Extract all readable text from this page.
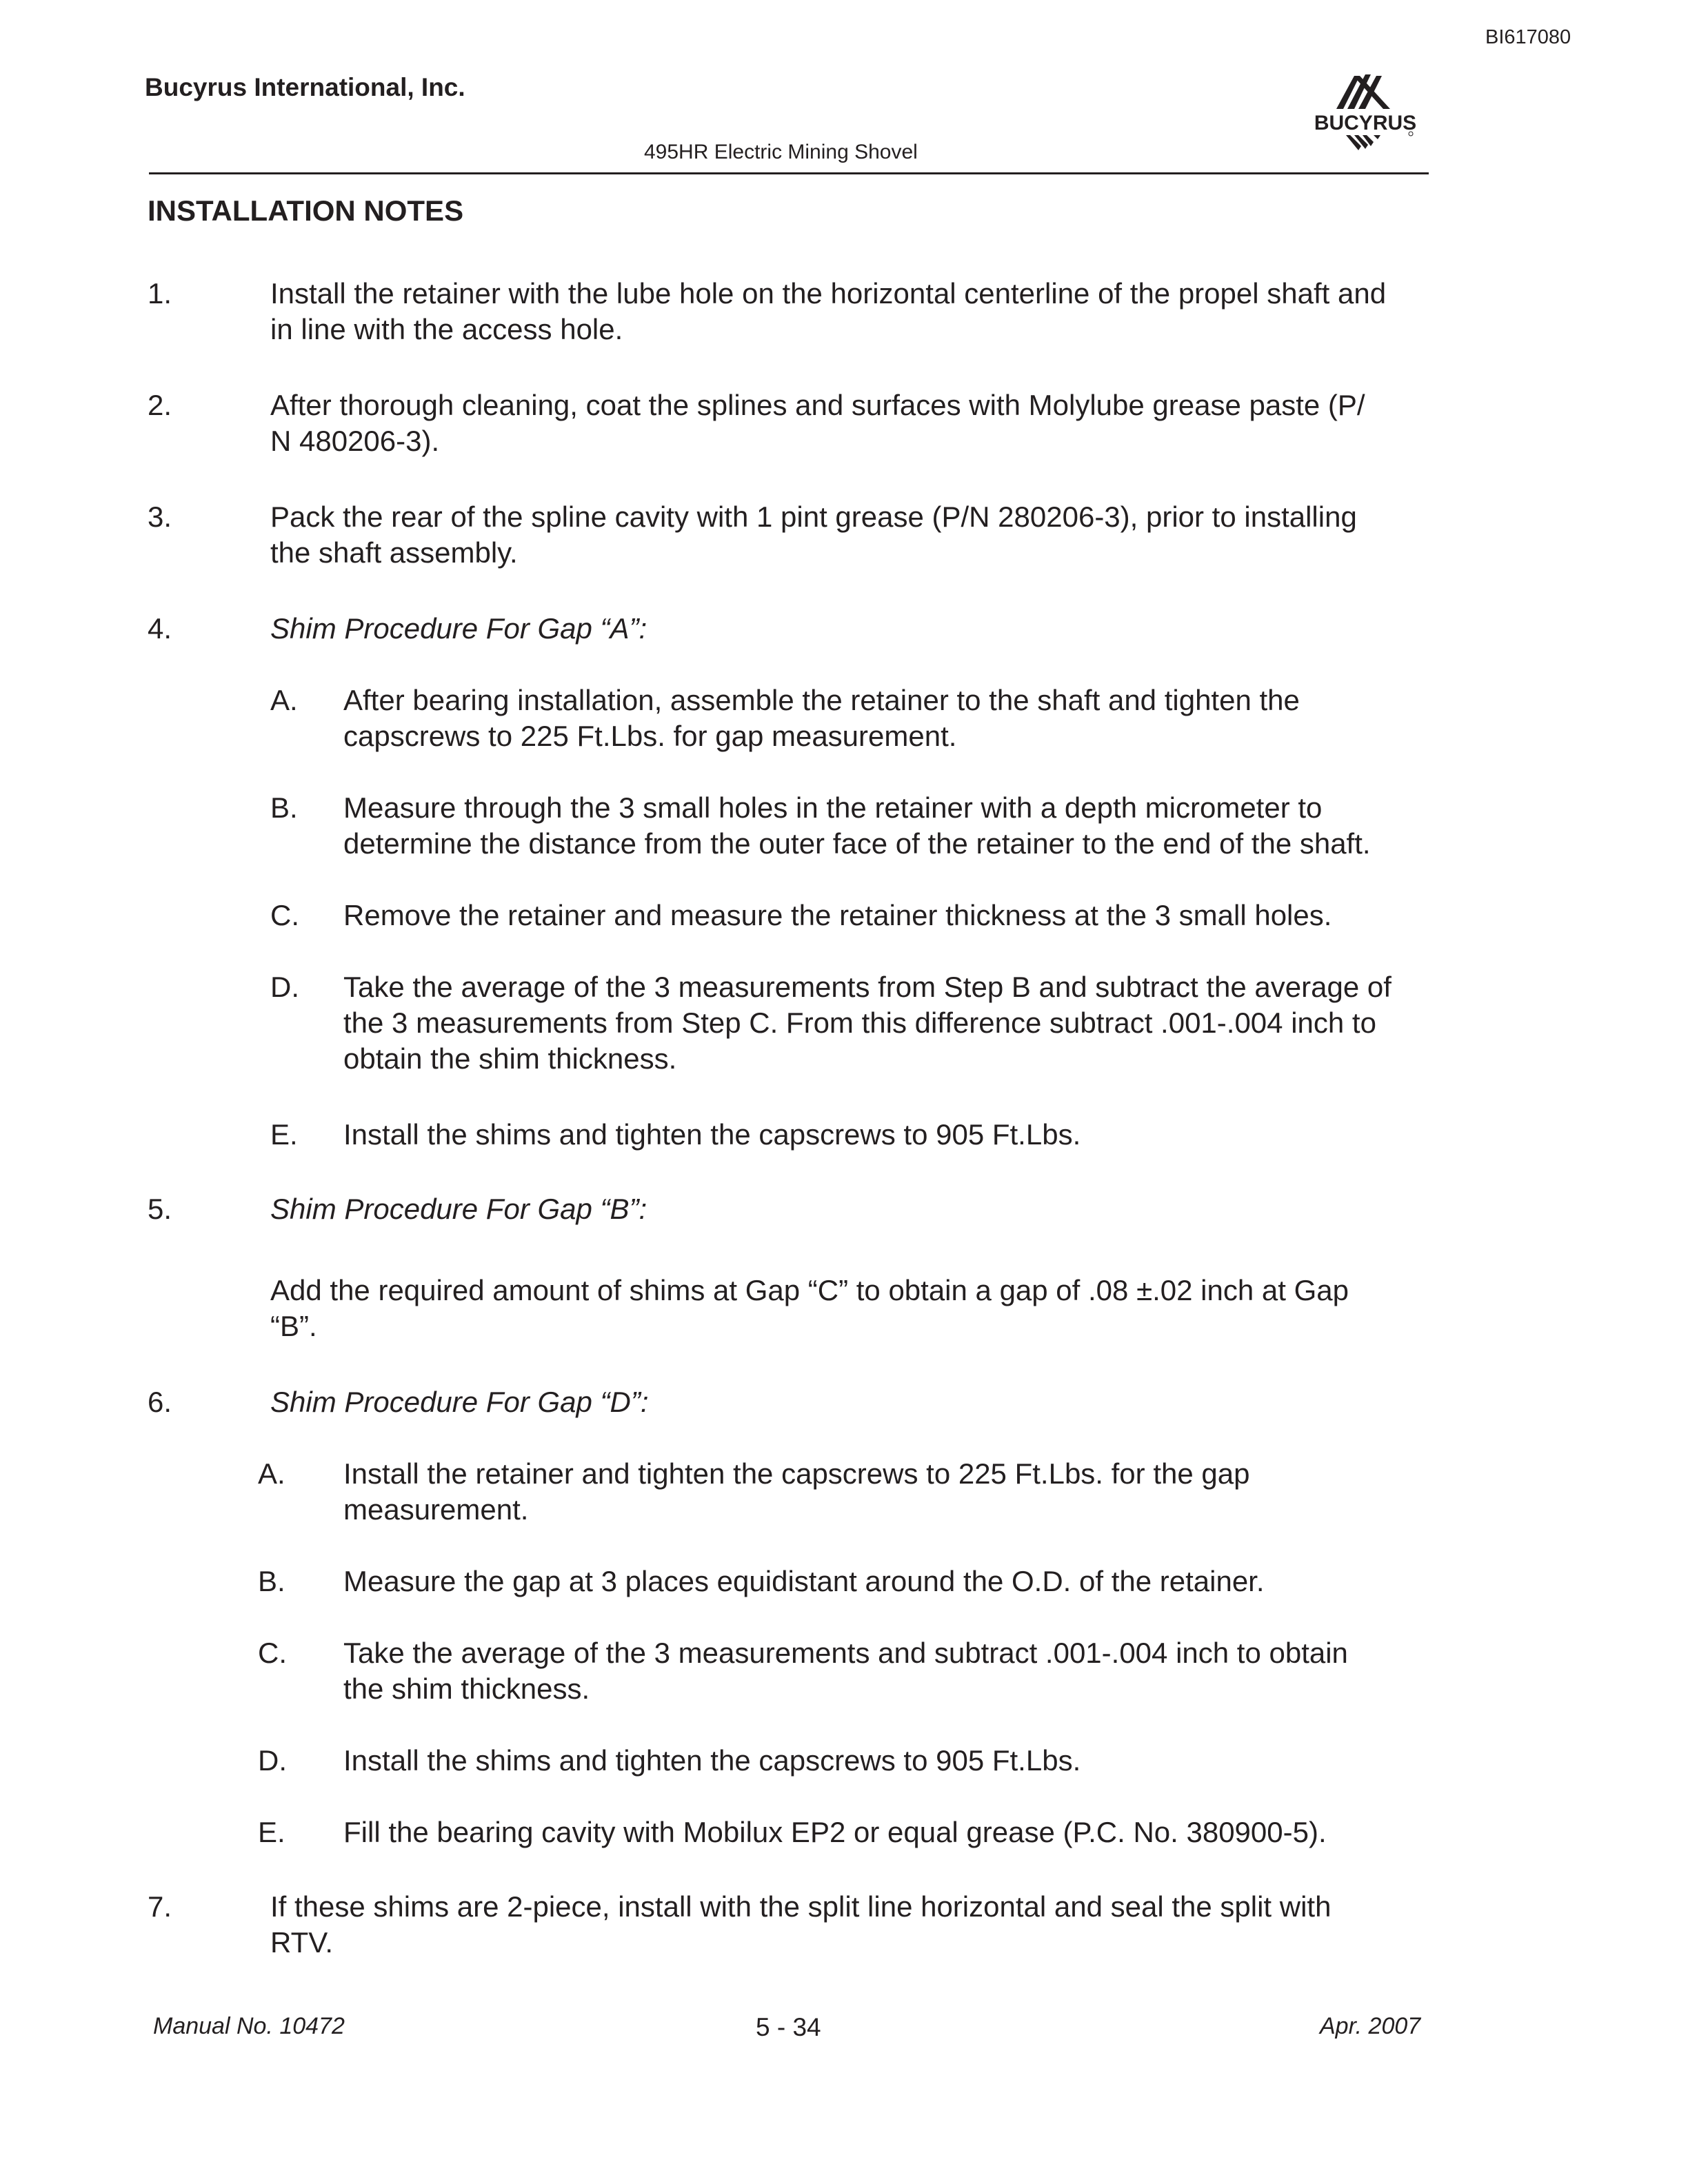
BI617080
Bucyrus International, Inc.
BUCYRUS
495HR Electric Mining Shovel
INSTALLATION NOTES
1.	Install the retainer with the lube hole on the horizontal centerline of the propel shaft and
in line with the access hole.
2.	After thorough cleaning, coat the splines and surfaces with Molylube grease paste (P/
N 480206-3).
3.	Pack the rear of the spline cavity with 1 pint grease (P/N 280206-3), prior to installing
the shaft assembly.
4.	Shim Procedure For Gap “A”:
A. After bearing installation, assemble the retainer to the shaft and tighten the
capscrews to 225 Ft.Lbs. for gap measurement.
B. Measure through the 3 small holes in the retainer with a depth micrometer to
determine the distance from the outer face of the retainer to the end of the shaft.
C. Remove the retainer and measure the retainer thickness at the 3 small holes.
D. Take the average of the 3 measurements from Step B and subtract the average of
the 3 measurements from Step C. From this difference subtract .001-.004 inch to
obtain the shim thickness.
E. Install the shims and tighten the capscrews to 905 Ft.Lbs.
5.	Shim Procedure For Gap “B”:
Add the required amount of shims at Gap “C” to obtain a gap of .08 ±.02 inch at Gap
“B”.
6.	Shim Procedure For Gap “D”:
A. Install the retainer and tighten the capscrews to 225 Ft.Lbs. for the gap
measurement.
B. Measure the gap at 3 places equidistant around the O.D. of the retainer.
C. Take the average of the 3 measurements and subtract .001-.004 inch to obtain
the shim thickness.
D. Install the shims and tighten the capscrews to 905 Ft.Lbs.
E. Fill the bearing cavity with Mobilux EP2 or equal grease (P.C. No. 380900-5).
7.	If these shims are 2-piece, install with the split line horizontal and seal the split with
RTV.
Manual No. 10472	5 - 34	Apr. 2007
